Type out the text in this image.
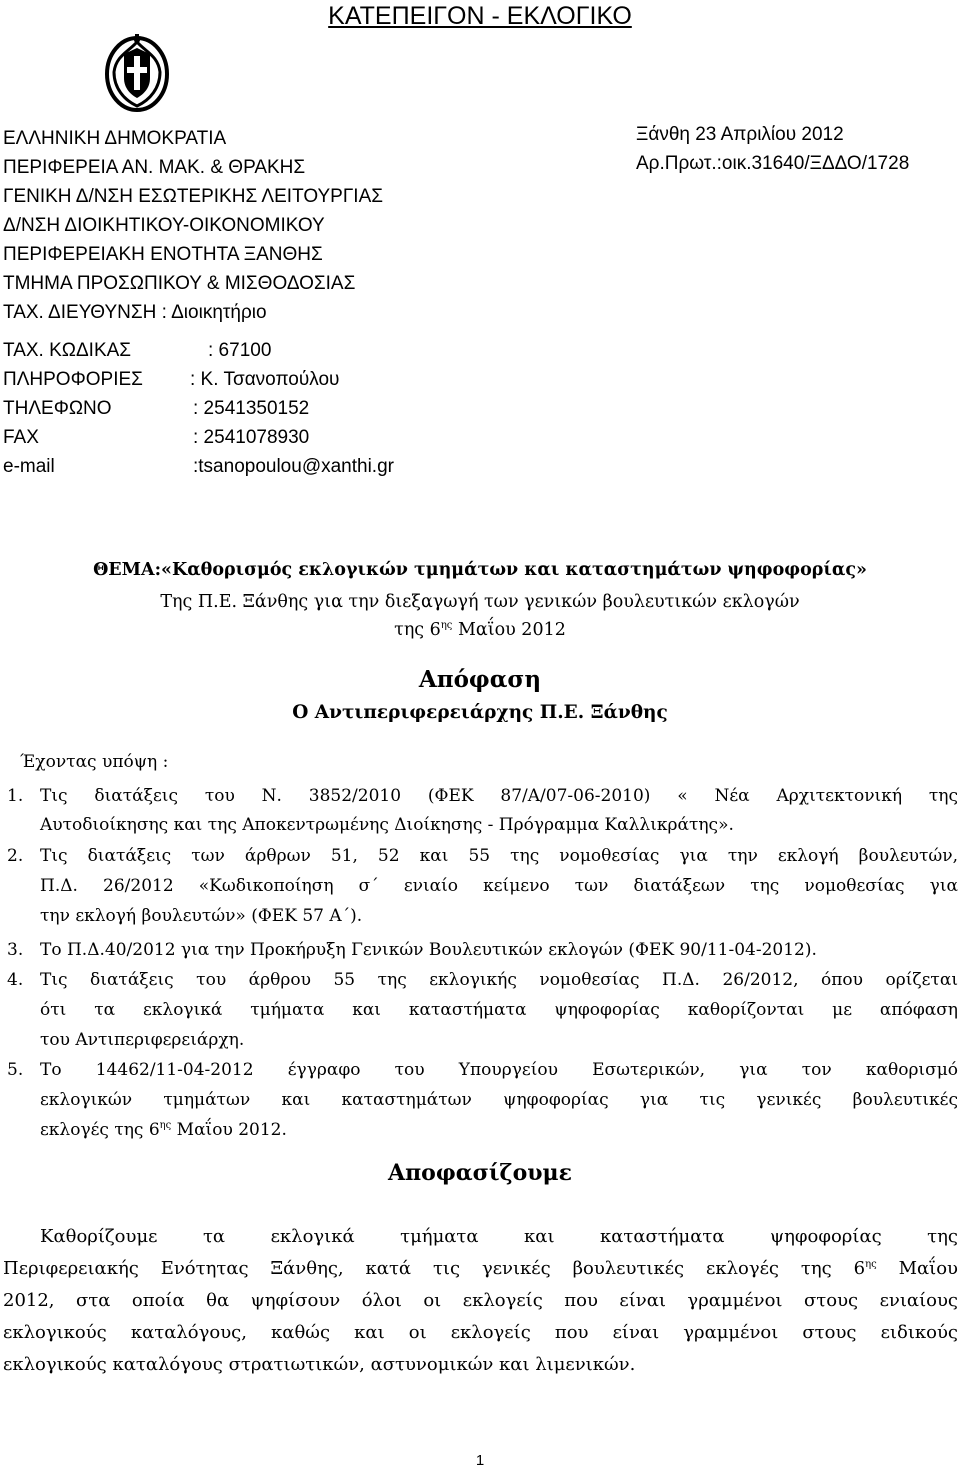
ΚΑΤΕΠΕΙΓΟΝ - ΕΚΛΟΓΙΚΟ
ΕΛΛΗΝΙΚΗ ΔΗΜΟΚΡΑΤΙΑ
ΠΕΡΙΦΕΡΕΙΑ ΑΝ. ΜΑΚ. & ΘΡΑΚΗΣ
ΓΕΝΙΚΗ Δ/ΝΣΗ ΕΣΩΤΕΡΙΚΗΣ ΛΕΙΤΟΥΡΓΙΑΣ
Δ/ΝΣΗ ΔΙΟΙΚΗΤΙΚΟΥ-ΟΙΚΟΝΟΜΙΚΟΥ
ΠΕΡΙΦΕΡΕΙΑΚΗ ΕΝΟΤΗΤΑ ΞΑΝΘΗΣ
ΤΜΗΜΑ ΠΡΟΣΩΠΙΚΟΥ & ΜΙΣΘΟΔΟΣΙΑΣ
ΤΑΧ. ΔΙΕΥΘΥΝΣΗ : Διοικητήριο
ΤΑΧ. ΚΩΔΙΚΑΣ	: 67100
ΠΛΗΡΟΦΟΡΙΕΣ : Κ. Τσανοπούλου
ΤΗΛΕΦΩΝΟ	: 2541350152
FAX	: 2541078930
e-mail	:tsanopoulou@xanthi.gr
Ξάνθη 23 Απριλίου 2012
Αρ.Πρωτ.:οικ.31640/ΞΔΔΟ/1728
ΘΕΜΑ:«Καθορισμός εκλογικών τμημάτων και καταστημάτων ψηφοφορίας»
Της Π.Ε. Ξάνθης για την διεξαγωγή των γενικών βουλευτικών εκλογών
της $6^{\eta\varsigma}$ Μαΐου 2012
Απόφαση
Ο Αντιπεριφερειάρχης Π.Ε. Ξάνθης
Έχοντας υπόψη :
1. Τις διατάξεις του Ν. 3852/2010 (ΦΕΚ 87/Α/07-06-2010) « Νέα Αρχιτεκτονική της
Αυτοδιοίκησης και της Αποκεντρωμένης Διοίκησης - Πρόγραμμα Καλλικράτης».
2. Τις διατάξεις των άρθρων 51, 52 και 55 της νομοθεσίας για την εκλογή βουλευτών,
Π.Δ. 26/2012 «Κωδικοποίηση σ΄ ενιαίο κείμενο των διατάξεων της νομοθεσίας για
την εκλογή βουλευτών» (ΦΕΚ 57 Α΄).
3. Το Π.Δ.40/2012 για την Προκήρυξη Γενικών Βουλευτικών εκλογών (ΦΕΚ 90/11-04-2012).
4. Τις διατάξεις του άρθρου 55 της εκλογικής νομοθεσίας Π.Δ. 26/2012, όπου ορίζεται
ότι τα εκλογικά τμήματα και καταστήματα ψηφοφορίας καθορίζονται με απόφαση
του Αντιπεριφερειάρχη.
5. Το 14462/11-04-2012 έγγραφο του Υπουργείου Εσωτερικών, για τον καθορισμό
εκλογικών τμημάτων και καταστημάτων ψηφοφορίας για τις γενικές βουλευτικές
εκλογές της $6^{\eta\varsigma}$ Μαΐου 2012.
Αποφασίζουμε
Καθορίζουμε τα εκλογικά τμήματα και καταστήματα ψηφοφορίας της
Περιφερειακής Ενότητας Ξάνθης, κατά τις γενικές βουλευτικές εκλογές της $6^{\eta\varsigma}$ Μαΐου
2012, στα οποία θα ψηφίσουν όλοι οι εκλογείς που είναι γραμμένοι στους ενιαίους
εκλογικούς καταλόγους, καθώς και οι εκλογείς που είναι γραμμένοι στους ειδικούς
εκλογικούς καταλόγους στρατιωτικών, αστυνομικών και λιμενικών.
1
